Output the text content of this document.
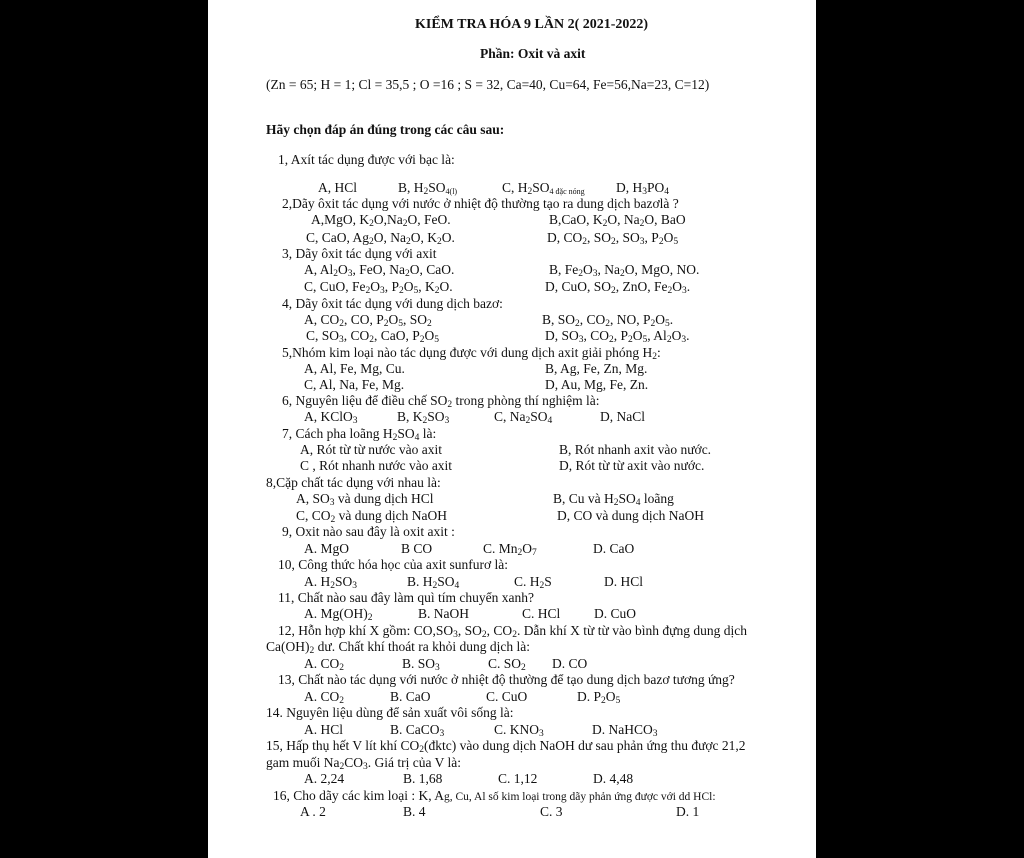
KIỂM TRA HÓA 9 LẦN 2( 2021-2022)
Phần: Oxit và axit
(Zn = 65; H = 1; Cl = 35,5 ; O =16 ; S = 32, Ca=40, Cu=64, Fe=56,Na=23, C=12)
Hãy chọn đáp án đúng trong các câu sau:
1, Axít tác dụng được với bạc là:
A, HCl	B, $H_2SO4(l)$	C, $H_2SO4$ đặc nóng D, $H_3PO_4$
2,Dãy ôxit tác dụng với nước ở nhiệt độ thường tạo ra dung dịch bazơlà ?
A,MgO, $K_2O,Na_2O$, FeO.	B,CaO, $K_2O$, $Na_2O$, BaO
C, CaO, $Ag_2O$, $Na_2O$, $K_2O$.	D, $CO_2$, $SO_2$, $SO_3$, $P_2O_5$
3, Dãy ôxit tác dụng với axit
A, $Al_2O_3$, FeO, $Na_2O$, CaO.	B, $Fe_2O_3$, $Na_2O$, MgO, NO.
C, CuO, $Fe_2O_3$, $P_2O_5$, $K_2O$.	D, CuO, $SO_2$, ZnO, $Fe_2O_3$.
4, Dãy ôxit tác dụng với dung dịch bazơ:
A, $CO_2$, CO, $P_2O_5$, $SO_2$	B, $SO_2$, $CO_2$, NO, $P_2O_5$.
C, $SO_3$, $CO_2$, CaO, $P_2O_5$	D, $SO_3$, $CO_2$, $P_2O_5$, $Al_2O_3$.
5,Nhóm kim loại nào tác dụng được với dung dịch axit giải phóng $H_2$:
A, Al, Fe, Mg, Cu.	B, Ag, Fe, Zn, Mg.
C, Al, Na, Fe, Mg.	D, Au, Mg, Fe, Zn.
6, Nguyên liệu để điều chế $SO_2$ trong phòng thí nghiệm là:
A, KClO$_3$	B, $K_2SO_3$	C, $Na_2SO_4$	D, NaCl
7, Cách pha loãng $H_2SO_4$ là:
A, Rót từ từ nước vào axit	B, Rót nhanh axit vào nước.
C , Rót nhanh nước vào axit	D, Rót từ từ axit vào nước.
8,Cặp chất tác dụng với nhau là:
A, $SO_3$ và dung dịch HCl	B, Cu và $H_2SO_4$ loãng
C, $CO_2$ và dung dịch NaOH	D, CO và dung dịch NaOH
9, Oxit nào sau đây là oxit axit :
A. MgO	B CO	C. $Mn_2O_7$	D. CaO
10, Công thức hóa học của axit sunfurơ là:
A. $H_2SO_3$	B. $H_2SO_4$	C. $H_2S$	D. HCl
11, Chất nào sau đây làm quì tím chuyển xanh?
A. $Mg(OH)_2$	B. NaOH	C. HCl D. CuO
12, Hỗn hợp khí X gồm: $CO,SO_3$, $SO_2$, $CO_2$. Dẫn khí X từ từ vào bình đựng dung dịch
$Ca(OH)_2$ dư. Chất khí thoát ra khỏi dung dịch là:
A. $CO_2$	B. $SO_3$	C. $SO_2$ D. CO
13, Chất nào tác dụng với nước ở nhiệt độ thường để tạo dung dịch bazơ tương ứng?
A. $CO_2$	B. CaO	C. CuO	D. $P_2O_5$
14. Nguyên liệu dùng để sản xuất vôi sống là:
A. HCl	B. CaCO$_3$	C. $KNO_3$	D. NaHCO$_3$
15, Hấp thụ hết V lít khí $CO_2(đktc)$ vào dung dịch NaOH dư sau phản ứng thu được 21,2
gam muối $Na_2CO_3$. Giá trị của V là:
A. 2,24	B. 1,68	C. 1,12	D. 4,48
16, Cho dãy các kim loại : K, Ag, Cu, Al số kim loại trong dãy phản ứng được với dd HCl:
A . 2	B. 4	C. 3	D. 1
